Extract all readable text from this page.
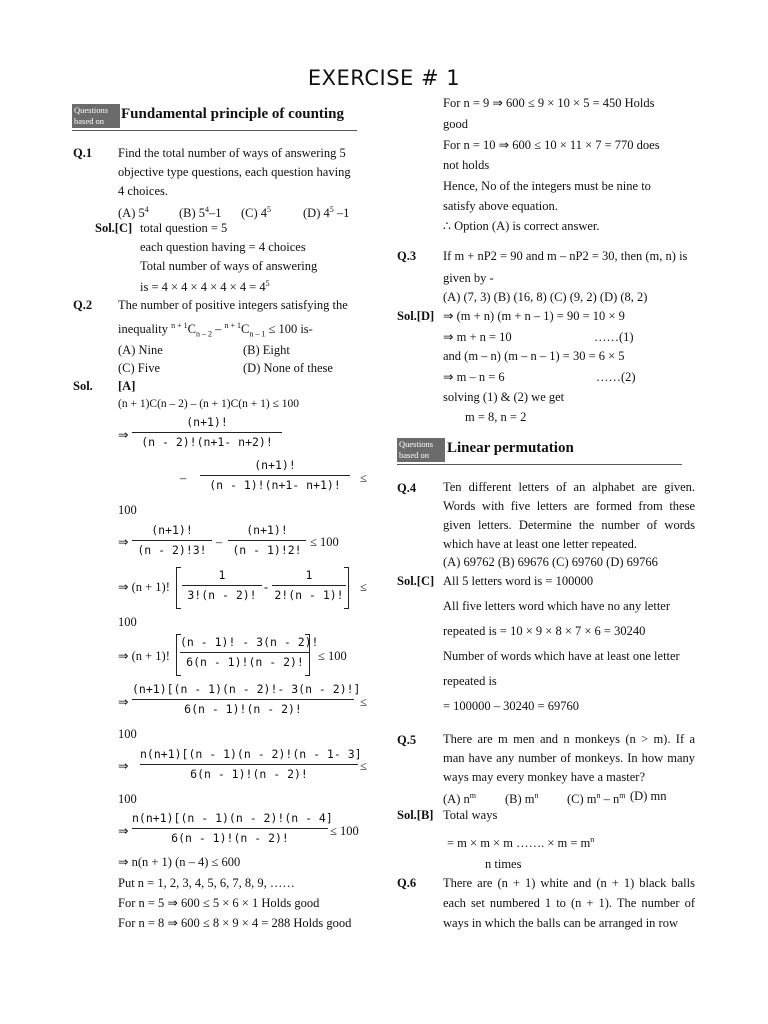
EXERCISE # 1
Questions based on	Fundamental principle of counting
Q.1 Find the total number of ways of answering 5
objective type questions, each question having
4 choices.
(A) $5^4$ (B) $5^4-1$ (C) $4^5$	(D) $4^5$ –1
Sol.[C] total question = 5
each question having = 4 choices
Total number of ways of answering
is = $4 \times 4 \times 4 \times 4 \times 4 = 4^5$
Q.2 The number of positive integers satisfying the
inequality $^{n + 1}C_{n - 2} - ^{n + 1}C_{n - 1} \le 100$ is-
(A) Nine	(B) Eight
(C) Five	(D) None of these
Sol. [A]
(n + 1)C(n – 2) – (n + 1)C(n + 1) ≤ 100
⇒
(n+1)!
(n - 2)!(n+1- n+2)!
–
(n+1)!
(n - 1)!(n+1- n+1)!	≤
100
⇒
(n+1)!
(n - 2)!3!
–
(n+1)!
(n - 1)!2!
≤ 100
⇒ (n + 1)!
1
3!(n - 2)!
-
1
2!(n - 1)!
≤
100
⇒ (n + 1)!
(n - 1)! - 3(n - 2)!
6(n - 1)!(n - 2)!	≤ 100
⇒
(n+1)[(n - 1)(n - 2)!- 3(n - 2)!]
6(n - 1)!(n - 2)!	≤
100
⇒
n(n+1)[(n - 1)(n - 2)!(n - 1- 3]
6(n - 1)!(n - 2)!
≤
100
⇒
n(n+1)[(n - 1)(n - 2)!(n - 4]
6(n - 1)!(n - 2)!	≤ 100
⇒ n(n + 1) (n – 4) ≤ 600
Put n = 1, 2, 3, 4, 5, 6, 7, 8, 9, ……
For n = 5 ⇒ 600 ≤ 5 × 6 × 1 Holds good
For n = 8 ⇒ 600 ≤ 8 × 9 × 4 = 288 Holds good
For n = 9 ⇒ 600 ≤ 9 × 10 × 5 = 450 Holds
good
For n = 10 ⇒ 600 ≤ 10 × 11 × 7 = 770 does
not holds
Hence, No of the integers must be nine to
satisfy above equation.
∴ Option (A) is correct answer.
Q.3 If m + nP2 = 90 and m – nP2 = 30, then (m, n) is
given by -
(A) (7, 3) (B) (16, 8) (C) (9, 2) (D) (8, 2)
Sol.[D] ⇒ (m + n) (m + n – 1) = 90 = 10 × 9
⇒ m + n = 10	……(1)
and (m – n) (m – n – 1) = 30 = 6 × 5
⇒ m – n = 6	……(2)
solving (1) & (2) we get
m = 8, n = 2
Questions based on	Linear permutation
Q.4 Ten different letters of an alphabet are given. Words with five letters are formed from these given letters. Determine the number of words which have at least one letter repeated.
(A) 69762 (B) 69676 (C) 69760 (D) 69766
Sol.[C] All 5 letters word is = 100000
All five letters word which have no any letter
repeated is = 10 × 9 × 8 × 7 × 6 = 30240
Number of words which have at least one letter
repeated is
= 100000 – 30240 = 69760
Q.5 There are m men and n monkeys (n > m). If a man have any number of monkeys. In how many ways may every monkey have a master?
(A) $n^m$ (B) $m^n$ (C) $m^n - n^m$ (D) mn
Sol.[B] Total ways
= m × m × m ……. × $m = m^n$
n times
Q.6 There are (n + 1) white and (n + 1) black balls each set numbered 1 to (n + 1). The number of ways in which the balls can be arranged in row
